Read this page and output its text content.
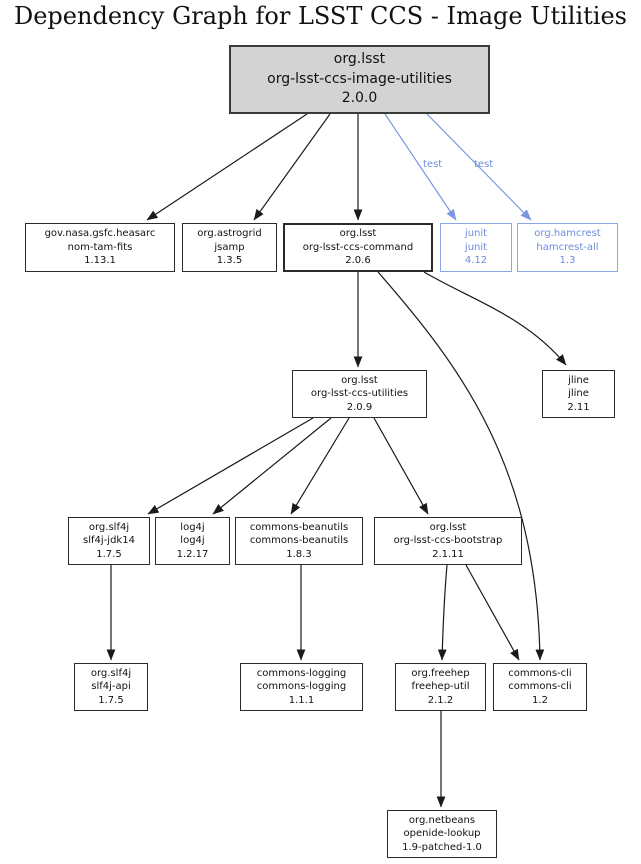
Dependency Graph for LSST CCS - Image Utilities
test	test
org.lsst
org-lsst-ccs-image-utilities
2.0.0
gov.nasa.gsfc.heasarc
nom-tam-fits
1.13.1
org.astrogrid
jsamp
1.3.5
org.lsst
org-lsst-ccs-command
2.0.6
junit
junit
4.12
org.hamcrest
hamcrest-all
1.3
org.lsst
org-lsst-ccs-utilities
2.0.9
jline
jline
2.11
org.slf4j
slf4j-jdk14
1.7.5
log4j
log4j
1.2.17
commons-beanutils
commons-beanutils
1.8.3
org.lsst
org-lsst-ccs-bootstrap
2.1.11
org.slf4j
slf4j-api
1.7.5
commons-logging
commons-logging
1.1.1
org.freehep
freehep-util
2.1.2
commons-cli
commons-cli
1.2
org.netbeans
openide-lookup
1.9-patched-1.0
